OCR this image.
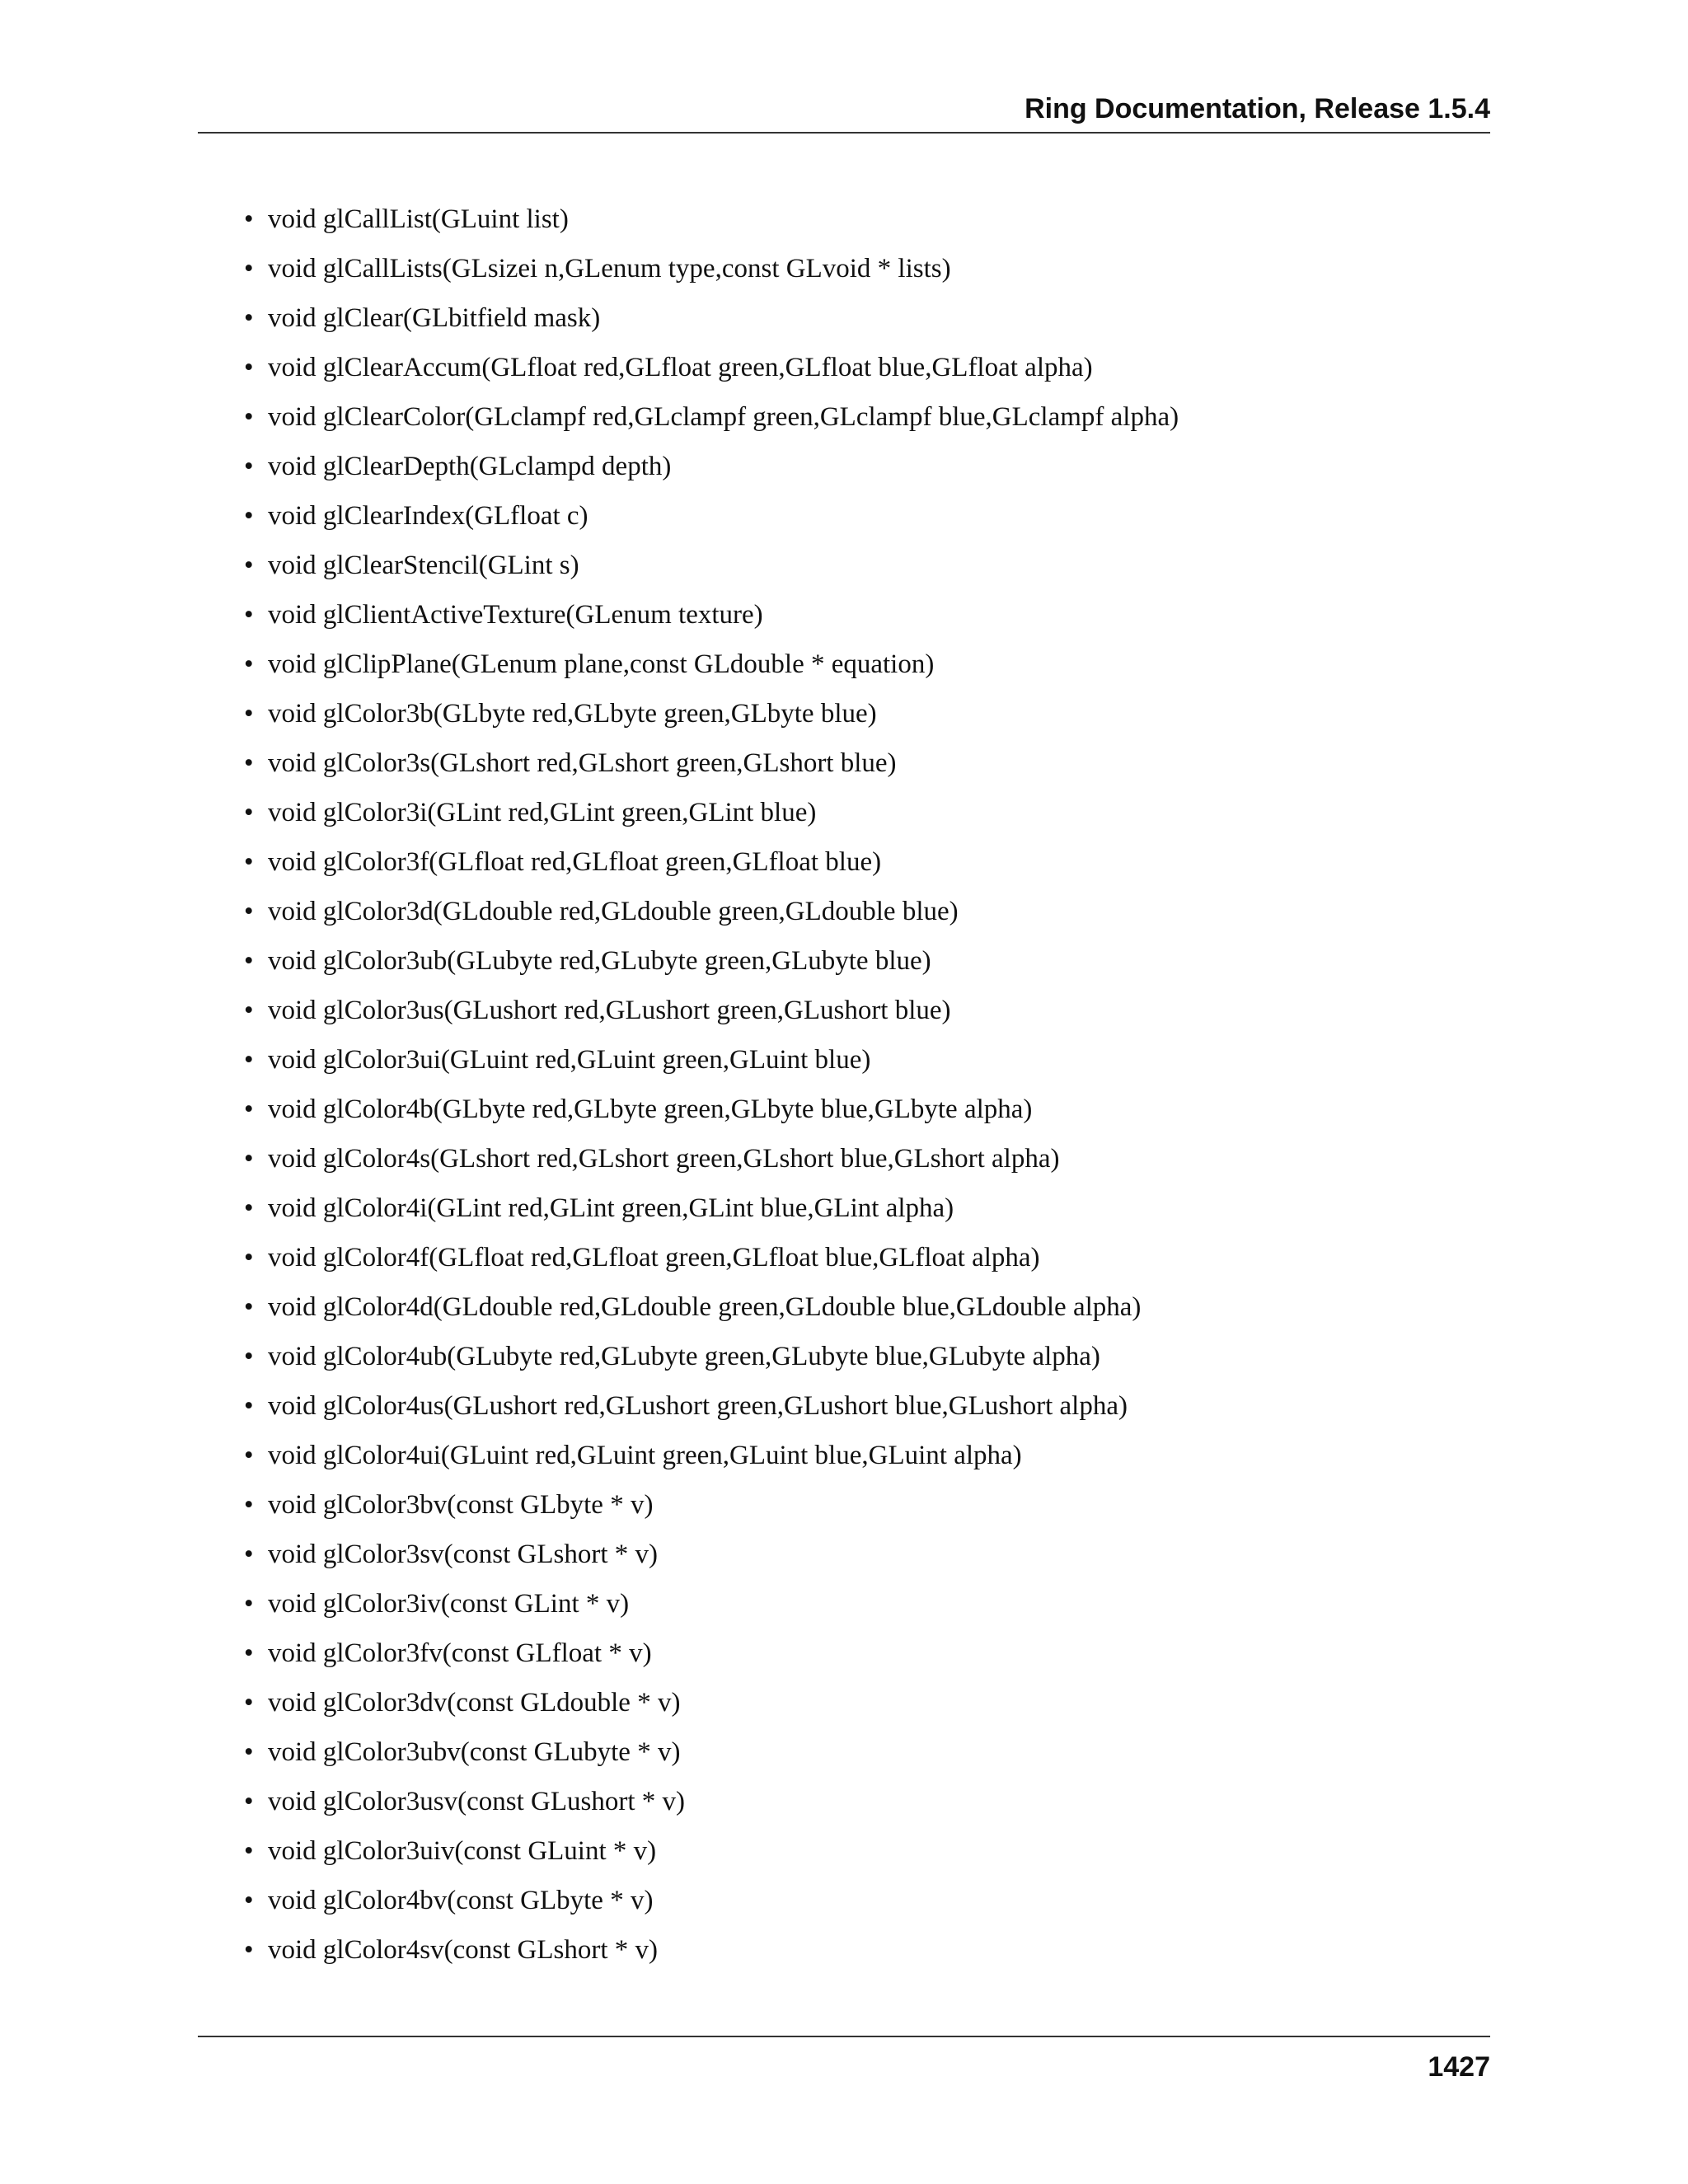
Ring Documentation, Release 1.5.4
• void glCallList(GLuint list)
• void glCallLists(GLsizei n,GLenum type,const GLvoid * lists)
• void glClear(GLbitfield mask)
• void glClearAccum(GLfloat red,GLfloat green,GLfloat blue,GLfloat alpha)
• void glClearColor(GLclampf red,GLclampf green,GLclampf blue,GLclampf alpha)
• void glClearDepth(GLclampd depth)
• void glClearIndex(GLfloat c)
• void glClearStencil(GLint s)
• void glClientActiveTexture(GLenum texture)
• void glClipPlane(GLenum plane,const GLdouble * equation)
• void glColor3b(GLbyte red,GLbyte green,GLbyte blue)
• void glColor3s(GLshort red,GLshort green,GLshort blue)
• void glColor3i(GLint red,GLint green,GLint blue)
• void glColor3f(GLfloat red,GLfloat green,GLfloat blue)
• void glColor3d(GLdouble red,GLdouble green,GLdouble blue)
• void glColor3ub(GLubyte red,GLubyte green,GLubyte blue)
• void glColor3us(GLushort red,GLushort green,GLushort blue)
• void glColor3ui(GLuint red,GLuint green,GLuint blue)
• void glColor4b(GLbyte red,GLbyte green,GLbyte blue,GLbyte alpha)
• void glColor4s(GLshort red,GLshort green,GLshort blue,GLshort alpha)
• void glColor4i(GLint red,GLint green,GLint blue,GLint alpha)
• void glColor4f(GLfloat red,GLfloat green,GLfloat blue,GLfloat alpha)
• void glColor4d(GLdouble red,GLdouble green,GLdouble blue,GLdouble alpha)
• void glColor4ub(GLubyte red,GLubyte green,GLubyte blue,GLubyte alpha)
• void glColor4us(GLushort red,GLushort green,GLushort blue,GLushort alpha)
• void glColor4ui(GLuint red,GLuint green,GLuint blue,GLuint alpha)
• void glColor3bv(const GLbyte * v)
• void glColor3sv(const GLshort * v)
• void glColor3iv(const GLint * v)
• void glColor3fv(const GLfloat * v)
• void glColor3dv(const GLdouble * v)
• void glColor3ubv(const GLubyte * v)
• void glColor3usv(const GLushort * v)
• void glColor3uiv(const GLuint * v)
• void glColor4bv(const GLbyte * v)
• void glColor4sv(const GLshort * v)
1427
